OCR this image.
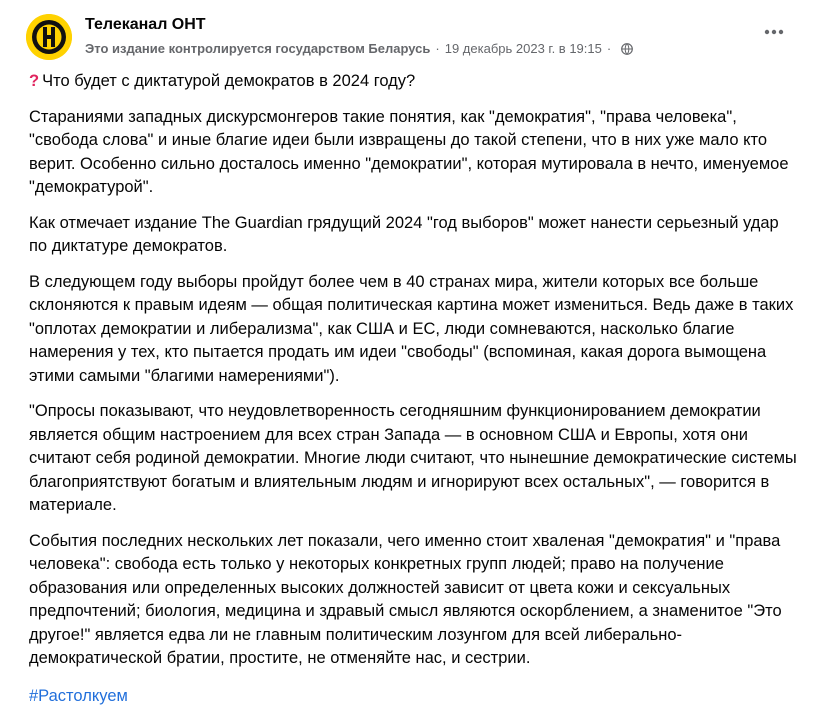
Телеканал ОНТ
Это издание контролируется государством Беларусь · 19 декабрь 2023 г. в 19:15 ·

? Что будет с диктатурой демократов в 2024 году?

Стараниями западных дискурсмонгеров такие понятия, как "демократия", "права человека", "свобода слова" и иные благие идеи были извращены до такой степени, что в них уже мало кто верит. Особенно сильно досталось именно "демократии", которая мутировала в нечто, именуемое "демократурой".

Как отмечает издание The Guardian грядущий 2024 "год выборов" может нанести серьезный удар по диктатуре демократов.

В следующем году выборы пройдут более чем в 40 странах мира, жители которых все больше склоняются к правым идеям — общая политическая картина может измениться. Ведь даже в таких "оплотах демократии и либерализма", как США и ЕС, люди сомневаются, насколько благие намерения у тех, кто пытается продать им идеи "свободы" (вспоминая, какая дорога вымощена этими самыми "благими намерениями").

"Опросы показывают, что неудовлетворенность сегодняшним функционированием демократии является общим настроением для всех стран Запада — в основном США и Европы, хотя они считают себя родиной демократии. Многие люди считают, что нынешние демократические системы благоприятствуют богатым и влиятельным людям и игнорируют всех остальных", — говорится в материале.

События последних нескольких лет показали, чего именно стоит хваленая "демократия" и "права человека": свобода есть только у некоторых конкретных групп людей; право на получение образования или определенных высоких должностей зависит от цвета кожи и сексуальных предпочтений; биология, медицина и здравый смысл являются оскорблением, а знаменитое "Это другое!" является едва ли не главным политическим лозунгом для всей либерально-демократической братии, простите, не отменяйте нас, и сестрии.

#Растолкуем
